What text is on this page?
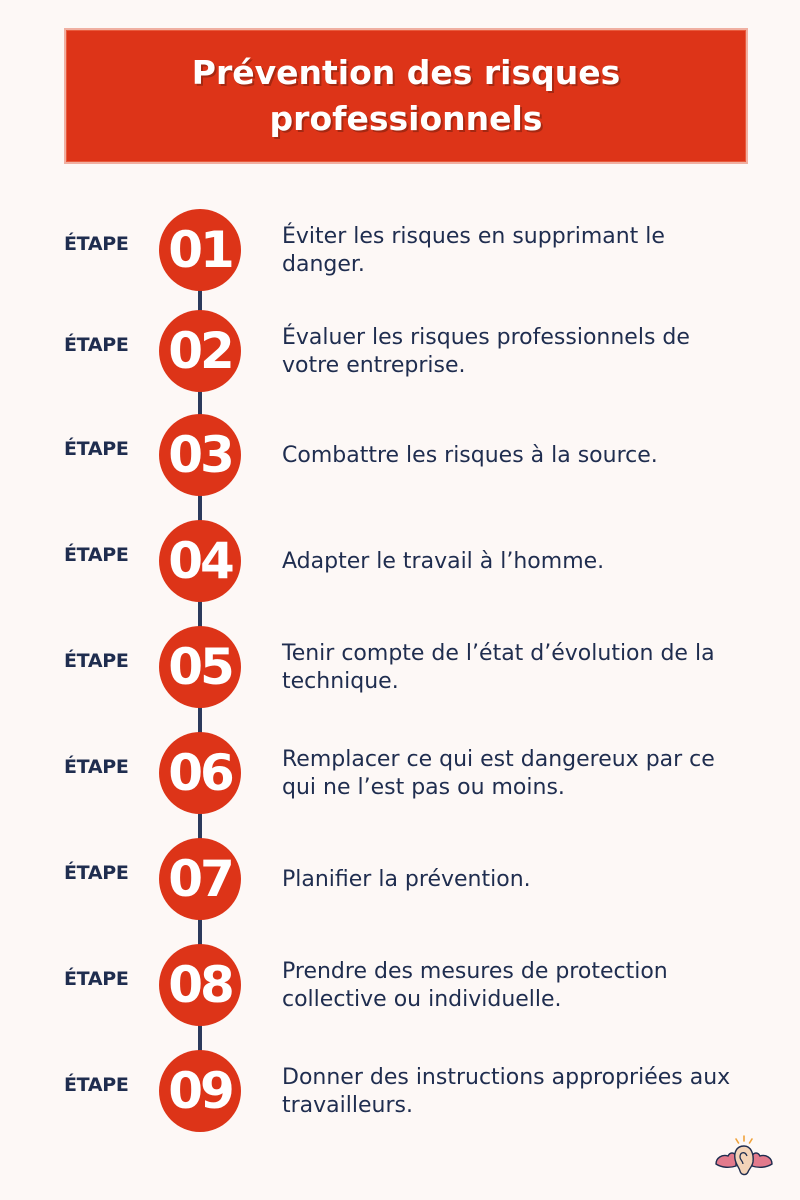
Prévention des risques professionnels
ÉTAPE 01	Éviter les risques en supprimant le danger.
ÉTAPE 02	Évaluer les risques professionnels de votre entreprise.
ÉTAPE 03	Combattre les risques à la source.
ÉTAPE 04	Adapter le travail à l’homme.
ÉTAPE 05	Tenir compte de l’état d’évolution de la technique.
ÉTAPE 06	Remplacer ce qui est dangereux par ce qui ne l’est pas ou moins.
ÉTAPE 07	Planifier la prévention.
ÉTAPE 08	Prendre des mesures de protection collective ou individuelle.
ÉTAPE 09	Donner des instructions appropriées aux travailleurs.
